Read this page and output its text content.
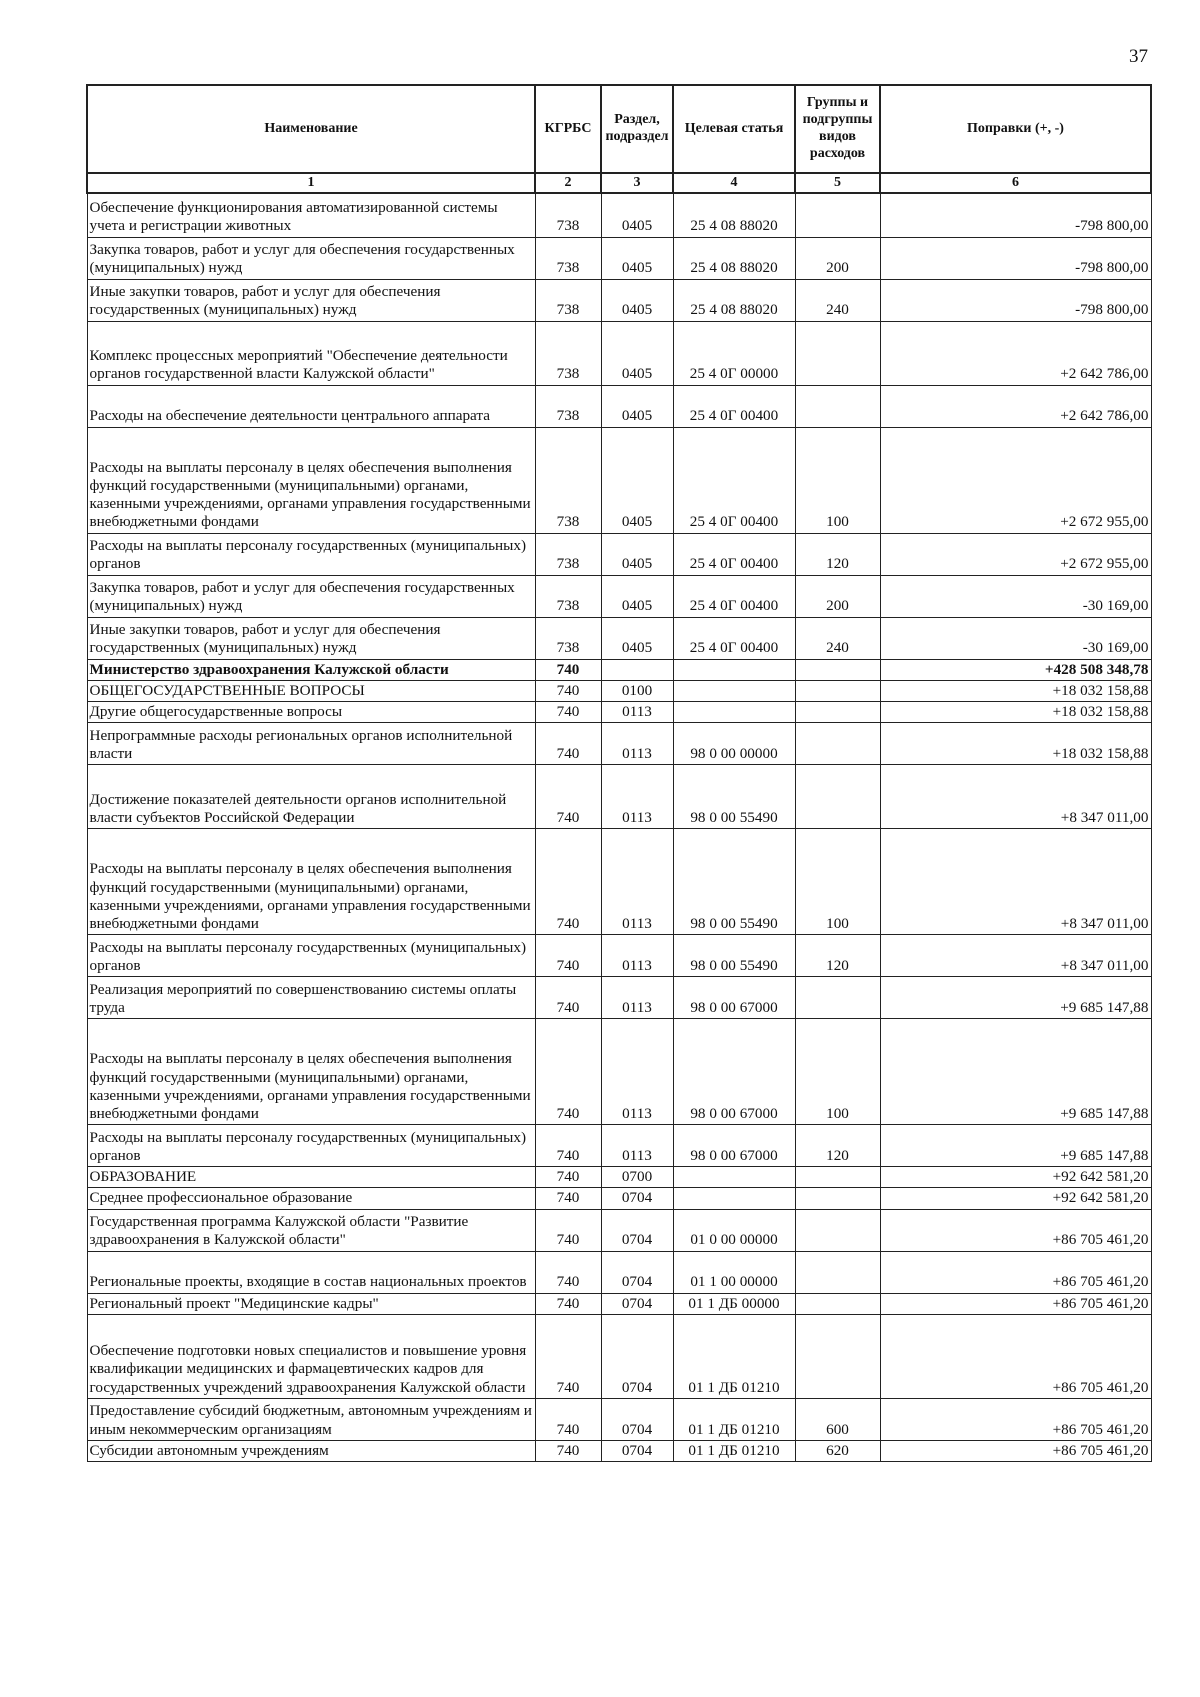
37
Наименование	КГРБС	Раздел, подраздел	Целевая статья	Группы и подгруппы видов расходов	Поправки (+, -)
1	2	3	4	5	6
Обеспечение функционирования автоматизированной системы учета и регистрации животных	738	0405	25 4 08 88020		-798 800,00
Закупка товаров, работ и услуг для обеспечения государственных (муниципальных) нужд	738	0405	25 4 08 88020	200	-798 800,00
Иные закупки товаров, работ и услуг для обеспечения государственных (муниципальных) нужд	738	0405	25 4 08 88020	240	-798 800,00
Комплекс процессных мероприятий "Обеспечение деятельности органов государственной власти Калужской области"	738	0405	25 4 0Г 00000		+2 642 786,00
Расходы на обеспечение деятельности центрального аппарата	738	0405	25 4 0Г 00400		+2 642 786,00
Расходы на выплаты персоналу в целях обеспечения выполнения функций государственными (муниципальными) органами, казенными учреждениями, органами управления государственными внебюджетными фондами	738	0405	25 4 0Г 00400	100	+2 672 955,00
Расходы на выплаты персоналу государственных (муниципальных) органов	738	0405	25 4 0Г 00400	120	+2 672 955,00
Закупка товаров, работ и услуг для обеспечения государственных (муниципальных) нужд	738	0405	25 4 0Г 00400	200	-30 169,00
Иные закупки товаров, работ и услуг для обеспечения государственных (муниципальных) нужд	738	0405	25 4 0Г 00400	240	-30 169,00
Министерство здравоохранения Калужской области	740				+428 508 348,78
ОБЩЕГОСУДАРСТВЕННЫЕ ВОПРОСЫ	740	0100			+18 032 158,88
Другие общегосударственные вопросы	740	0113			+18 032 158,88
Непрограммные расходы региональных органов исполнительной власти	740	0113	98 0 00 00000		+18 032 158,88
Достижение показателей деятельности органов исполнительной власти субъектов Российской Федерации	740	0113	98 0 00 55490		+8 347 011,00
Расходы на выплаты персоналу в целях обеспечения выполнения функций государственными (муниципальными) органами, казенными учреждениями, органами управления государственными внебюджетными фондами	740	0113	98 0 00 55490	100	+8 347 011,00
Расходы на выплаты персоналу государственных (муниципальных) органов	740	0113	98 0 00 55490	120	+8 347 011,00
Реализация мероприятий по совершенствованию системы оплаты труда	740	0113	98 0 00 67000		+9 685 147,88
Расходы на выплаты персоналу в целях обеспечения выполнения функций государственными (муниципальными) органами, казенными учреждениями, органами управления государственными внебюджетными фондами	740	0113	98 0 00 67000	100	+9 685 147,88
Расходы на выплаты персоналу государственных (муниципальных) органов	740	0113	98 0 00 67000	120	+9 685 147,88
ОБРАЗОВАНИЕ	740	0700			+92 642 581,20
Среднее профессиональное образование	740	0704			+92 642 581,20
Государственная программа Калужской области "Развитие здравоохранения в Калужской области"	740	0704	01 0 00 00000		+86 705 461,20
Региональные проекты, входящие в состав национальных проектов	740	0704	01 1 00 00000		+86 705 461,20
Региональный проект "Медицинские кадры"	740	0704	01 1 ДБ 00000		+86 705 461,20
Обеспечение подготовки новых специалистов и повышение уровня квалификации медицинских и фармацевтических кадров для государственных учреждений здравоохранения Калужской области	740	0704	01 1 ДБ 01210		+86 705 461,20
Предоставление субсидий бюджетным, автономным учреждениям и иным некоммерческим организациям	740	0704	01 1 ДБ 01210	600	+86 705 461,20
Субсидии автономным учреждениям	740	0704	01 1 ДБ 01210	620	+86 705 461,20
